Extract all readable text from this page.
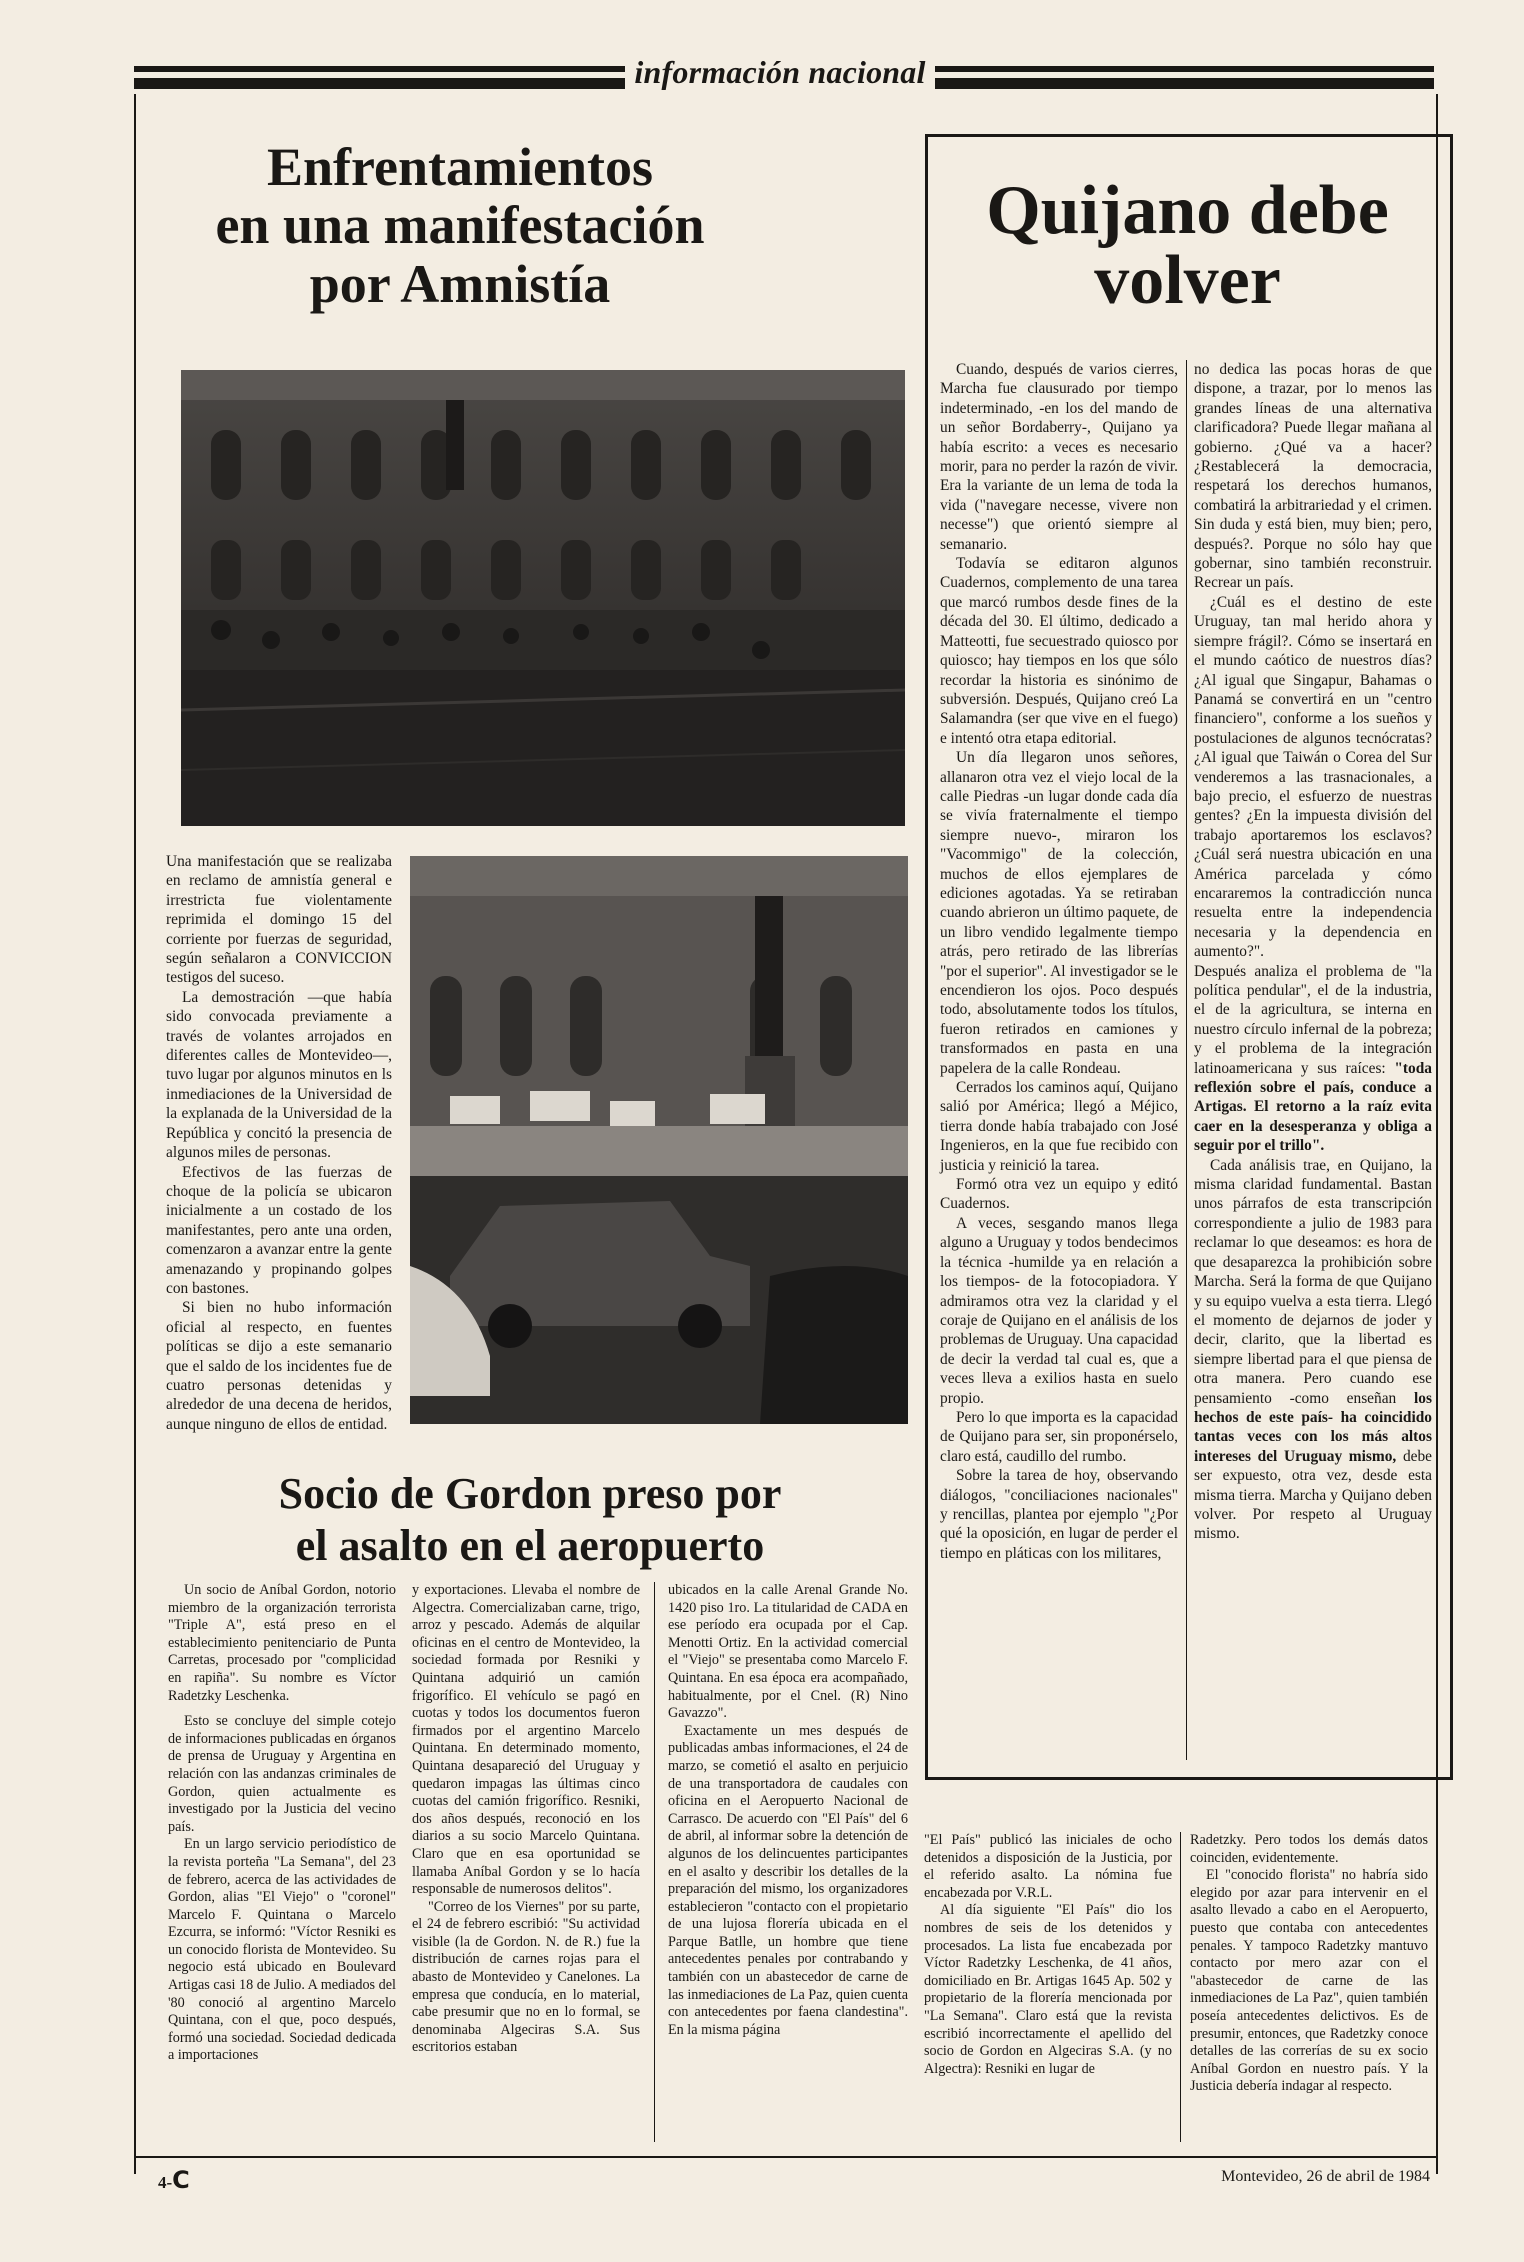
información nacional
Enfrentamientos
en una manifestación
por Amnistía

Una manifestación que se realizaba en reclamo de amnistía general e irrestricta fue violentamente reprimida el domingo 15 del corriente por fuerzas de seguridad, según señalaron a CONVICCION testigos del suceso.

La demostración —que había sido convocada previamente a través de volantes arrojados en diferentes calles de Montevideo—, tuvo lugar por algunos minutos en ls inmediaciones de la Universidad de la explanada de la Universidad de la República y concitó la presencia de algunos miles de personas.

Efectivos de las fuerzas de choque de la policía se ubicaron inicialmente a un costado de los manifestantes, pero ante una orden, comenzaron a avanzar entre la gente amenazando y propinando golpes con bastones.

Si bien no hubo información oficial al respecto, en fuentes políticas se dijo a este semanario que el saldo de los incidentes fue de cuatro personas detenidas y alrededor de una decena de heridos, aunque ninguno de ellos de entidad.

Quijano debe
volver

Cuando, después de varios cierres, Marcha fue clausurado por tiempo indeterminado, -en los del mando de un señor Bordaberry-, Quijano ya había escrito: a veces es necesario morir, para no perder la razón de vivir. Era la variante de un lema de toda la vida ("navegare necesse, vivere non necesse") que orientó siempre al semanario.

Todavía se editaron algunos Cuadernos, complemento de una tarea que marcó rumbos desde fines de la década del 30. El último, dedicado a Matteotti, fue secuestrado quiosco por quiosco; hay tiempos en los que sólo recordar la historia es sinónimo de subversión. Después, Quijano creó La Salamandra (ser que vive en el fuego) e intentó otra etapa editorial.

Un día llegaron unos señores, allanaron otra vez el viejo local de la calle Piedras -un lugar donde cada día se vivía fraternalmente el tiempo siempre nuevo-, miraron los "Vacommigo" de la colección, muchos de ellos ejemplares de ediciones agotadas. Ya se retiraban cuando abrieron un último paquete, de un libro vendido legalmente tiempo atrás, pero retirado de las librerías "por el superior". Al investigador se le encendieron los ojos. Poco después todo, absolutamente todos los títulos, fueron retirados en camiones y transformados en pasta en una papelera de la calle Rondeau.

Cerrados los caminos aquí, Quijano salió por América; llegó a Méjico, tierra donde había trabajado con José Ingenieros, en la que fue recibido con justicia y reinició la tarea.

Formó otra vez un equipo y editó Cuadernos.

A veces, sesgando manos llega alguno a Uruguay y todos bendecimos la técnica -humilde ya en relación a los tiempos- de la fotocopiadora. Y admiramos otra vez la claridad y el coraje de Quijano en el análisis de los problemas de Uruguay. Una capacidad de decir la verdad tal cual es, que a veces lleva a exilios hasta en suelo propio.

Pero lo que importa es la capacidad de Quijano para ser, sin proponérselo, claro está, caudillo del rumbo.

Sobre la tarea de hoy, observando diálogos, "conciliaciones nacionales" y rencillas, plantea por ejemplo "¿Por qué la oposición, en lugar de perder el tiempo en pláticas con los militares,

no dedica las pocas horas de que dispone, a trazar, por lo menos las grandes líneas de una alternativa clarificadora? Puede llegar mañana al gobierno. ¿Qué va a hacer? ¿Restablecerá la democracia, respetará los derechos humanos, combatirá la arbitrariedad y el crimen. Sin duda y está bien, muy bien; pero, después?. Porque no sólo hay que gobernar, sino también reconstruir. Recrear un país.

¿Cuál es el destino de este Uruguay, tan mal herido ahora y siempre frágil?. Cómo se insertará en el mundo caótico de nuestros días? ¿Al igual que Singapur, Bahamas o Panamá se convertirá en un "centro financiero", conforme a los sueños y postulaciones de algunos tecnócratas? ¿Al igual que Taiwán o Corea del Sur venderemos a las trasnacionales, a bajo precio, el esfuerzo de nuestras gentes? ¿En la impuesta división del trabajo aportaremos los esclavos? ¿Cuál será nuestra ubicación en una América parcelada y cómo encararemos la contradicción nunca resuelta entre la independencia necesaria y la dependencia en aumento?".

Después analiza el problema de "la política pendular", el de la industria, el de la agricultura, se interna en nuestro círculo infernal de la pobreza; y el problema de la integración latinoamericana y sus raíces: "toda reflexión sobre el país, conduce a Artigas. El retorno a la raíz evita caer en la desesperanza y obliga a seguir por el trillo".

Cada análisis trae, en Quijano, la misma claridad fundamental. Bastan unos párrafos de esta transcripción correspondiente a julio de 1983 para reclamar lo que deseamos: es hora de que desaparezca la prohibición sobre Marcha. Será la forma de que Quijano y su equipo vuelva a esta tierra. Llegó el momento de dejarnos de joder y decir, clarito, que la libertad es siempre libertad para el que piensa de otra manera. Pero cuando ese pensamiento -como enseñan los hechos de este país- ha coincidido tantas veces con los más altos intereses del Uruguay mismo, debe ser expuesto, otra vez, desde esta misma tierra. Marcha y Quijano deben volver. Por respeto al Uruguay mismo.

Socio de Gordon preso por
el asalto en el aeropuerto

Un socio de Aníbal Gordon, notorio miembro de la organización terrorista "Triple A", está preso en el establecimiento penitenciario de Punta Carretas, procesado por "complicidad en rapiña". Su nombre es Víctor Radetzky Leschenka.

Esto se concluye del simple cotejo de informaciones publicadas en órganos de prensa de Uruguay y Argentina en relación con las andanzas criminales de Gordon, quien actualmente es investigado por la Justicia del vecino país.

En un largo servicio periodístico de la revista porteña "La Semana", del 23 de febrero, acerca de las actividades de Gordon, alias "El Viejo" o "coronel" Marcelo F. Quintana o Marcelo Ezcurra, se informó: "Víctor Resniki es un conocido florista de Montevideo. Su negocio está ubicado en Boulevard Artigas casi 18 de Julio. A mediados del '80 conoció al argentino Marcelo Quintana, con el que, poco después, formó una sociedad. Sociedad dedicada a importaciones

y exportaciones. Llevaba el nombre de Algectra. Comercializaban carne, trigo, arroz y pescado. Además de alquilar oficinas en el centro de Montevideo, la sociedad formada por Resniki y Quintana adquirió un camión frigorífico. El vehículo se pagó en cuotas y todos los documentos fueron firmados por el argentino Marcelo Quintana. En determinado momento, Quintana desapareció del Uruguay y quedaron impagas las últimas cinco cuotas del camión frigorífico. Resniki, dos años después, reconoció en los diarios a su socio Marcelo Quintana. Claro que en esa oportunidad se llamaba Aníbal Gordon y se lo hacía responsable de numerosos delitos".

"Correo de los Viernes" por su parte, el 24 de febrero escribió: "Su actividad visible (la de Gordon. N. de R.) fue la distribución de carnes rojas para el abasto de Montevideo y Canelones. La empresa que conducía, en lo material, cabe presumir que no en lo formal, se denominaba Algeciras S.A. Sus escritorios estaban

ubicados en la calle Arenal Grande No. 1420 piso 1ro. La titularidad de CADA en ese período era ocupada por el Cap. Menotti Ortiz. En la actividad comercial el "Viejo" se presentaba como Marcelo F. Quintana. En esa época era acompañado, habitualmente, por el Cnel. (R) Nino Gavazzo".

Exactamente un mes después de publicadas ambas informaciones, el 24 de marzo, se cometió el asalto en perjuicio de una transportadora de caudales con oficina en el Aeropuerto Nacional de Carrasco. De acuerdo con "El País" del 6 de abril, al informar sobre la detención de algunos de los delincuentes participantes en el asalto y describir los detalles de la preparación del mismo, los organizadores establecieron "contacto con el propietario de una lujosa florería ubicada en el Parque Batlle, un hombre que tiene antecedentes penales por contrabando y también con un abastecedor de carne de las inmediaciones de La Paz, quien cuenta con antecedentes por faena clandestina". En la misma página

"El País" publicó las iniciales de ocho detenidos a disposición de la Justicia, por el referido asalto. La nómina fue encabezada por V.R.L.

Al día siguiente "El País" dio los nombres de seis de los detenidos y procesados. La lista fue encabezada por Víctor Radetzky Leschenka, de 41 años, domiciliado en Br. Artigas 1645 Ap. 502 y propietario de la florería mencionada por "La Semana". Claro está que la revista escribió incorrectamente el apellido del socio de Gordon en Algeciras S.A. (y no Algectra): Resniki en lugar de

Radetzky. Pero todos los demás datos coinciden, evidentemente.

El "conocido florista" no habría sido elegido por azar para intervenir en el asalto llevado a cabo en el Aeropuerto, puesto que contaba con antecedentes penales. Y tampoco Radetzky mantuvo contacto por mero azar con el "abastecedor de carne de las inmediaciones de La Paz", quien también poseía antecedentes delictivos. Es de presumir, entonces, que Radetzky conoce detalles de las correrías de su ex socio Aníbal Gordon en nuestro país. Y la Justicia debería indagar al respecto.

4-C	Montevideo, 26 de abril de 1984
